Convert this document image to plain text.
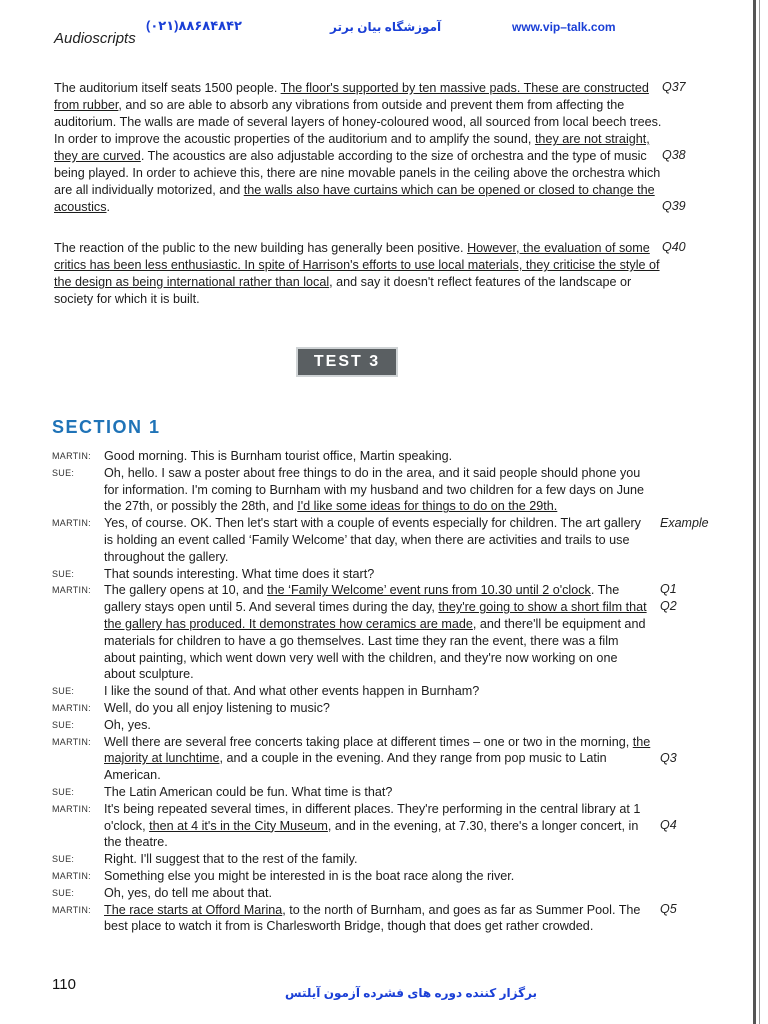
Audioscripts
(۰۲۱)۸۸۶۸۴۸۴۲	آموزشگاه بیان برتر	www.vip–talk.com

The auditorium itself seats 1500 people. The floor's supported by ten massive pads. These are constructed from rubber, and so are able to absorb any vibrations from outside and prevent them from affecting the auditorium. The walls are made of several layers of honey-coloured wood, all sourced from local beech trees. In order to improve the acoustic properties of the auditorium and to amplify the sound, they are not straight, they are curved. The acoustics are also adjustable according to the size of orchestra and the type of music being played. In order to achieve this, there are nine movable panels in the ceiling above the orchestra which are all individually motorized, and the walls also have curtains which can be opened or closed to change the acoustics.

Q37
Q38
Q39

The reaction of the public to the new building has generally been positive. However, the evaluation of some critics has been less enthusiastic. In spite of Harrison's efforts to use local materials, they criticise the style of the design as being international rather than local, and say it doesn't reflect features of the landscape or society for which it is built.

Q40
TEST 3
SECTION 1
MARTIN: Good morning. This is Burnham tourist office, Martin speaking.

SUE: Oh, hello. I saw a poster about free things to do in the area, and it said people should phone you for information. I'm coming to Burnham with my husband and two children for a few days on June the 27th, or possibly the 28th, and I'd like some ideas for things to do on the 29th.

Example
MARTIN: Yes, of course. OK. Then let's start with a couple of events especially for children. The art gallery is holding an event called ‘Family Welcome’ that day, when there are activities and trails to use throughout the gallery.

SUE: That sounds interesting. What time does it start?

MARTIN: The gallery opens at 10, and the ‘Family Welcome’ event runs from 10.30 until 2 o'clock. The gallery stays open until 5. And several times during the day, they're going to show a short film that the gallery has produced. It demonstrates how ceramics are made, and there'll be equipment and materials for children to have a go themselves. Last time they ran the event, there was a film about painting, which went down very well with the children, and they're now working on one about sculpture.

Q1
Q2
SUE: I like the sound of that. And what other events happen in Burnham?

MARTIN: Well, do you all enjoy listening to music?

SUE: Oh, yes.

MARTIN: Well there are several free concerts taking place at different times – one or two in the morning, the majority at lunchtime, and a couple in the evening. And they range from pop music to Latin American.

Q3
SUE: The Latin American could be fun. What time is that?

MARTIN: It's being repeated several times, in different places. They're performing in the central library at 1 o'clock, then at 4 it's in the City Museum, and in the evening, at 7.30, there's a longer concert, in the theatre.

Q4
SUE: Right. I'll suggest that to the rest of the family.

MARTIN: Something else you might be interested in is the boat race along the river.

SUE: Oh, yes, do tell me about that.

MARTIN: The race starts at Offord Marina, to the north of Burnham, and goes as far as Summer Pool. The best place to watch it from is Charlesworth Bridge, though that does get rather crowded.

Q5
110	برگزار کننده دوره های فشرده آزمون آیلتس
